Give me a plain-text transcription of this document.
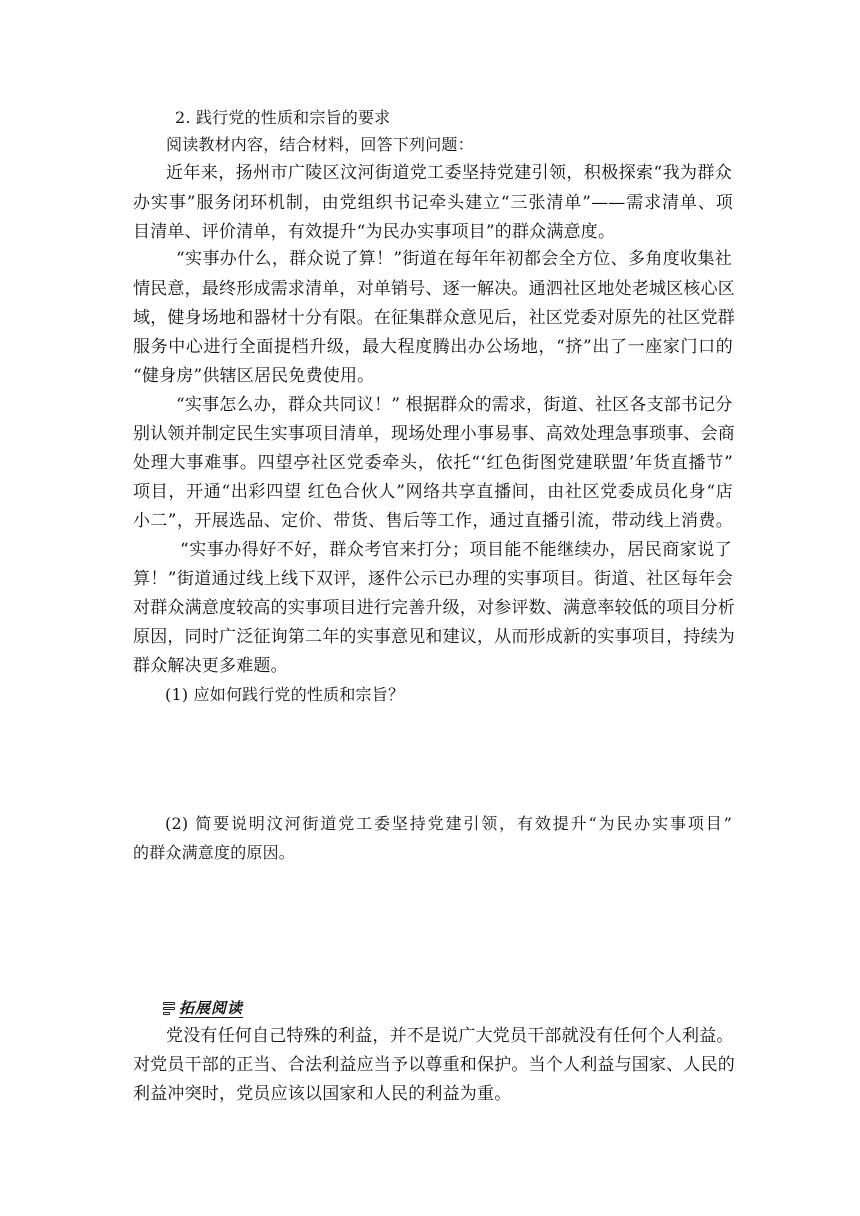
2. 践行党的性质和宗旨的要求
阅读教材内容，结合材料，回答下列问题：
近年来，扬州市广陵区汶河街道党工委坚持党建引领，积极探索“我为群众
办实事”服务闭环机制，由党组织书记牵头建立“三张清单”——需求清单、项
目清单、评价清单，有效提升“为民办实事项目”的群众满意度。
“实事办什么，群众说了算！”街道在每年年初都会全方位、多角度收集社
情民意，最终形成需求清单，对单销号、逐一解决。通泗社区地处老城区核心区
域，健身场地和器材十分有限。在征集群众意见后，社区党委对原先的社区党群
服务中心进行全面提档升级，最大程度腾出办公场地，“挤”出了一座家门口的
“健身房”供辖区居民免费使用。
“实事怎么办，群众共同议！” 根据群众的需求，街道、社区各支部书记分
别认领并制定民生实事项目清单，现场处理小事易事、高效处理急事琐事、会商
处理大事难事。四望亭社区党委牵头，依托“‘红色街图党建联盟’年货直播节”
项目，开通“出彩四望 红色合伙人”网络共享直播间，由社区党委成员化身“店
小二”，开展选品、定价、带货、售后等工作，通过直播引流，带动线上消费。
“实事办得好不好，群众考官来打分；项目能不能继续办，居民商家说了
算！”街道通过线上线下双评，逐件公示已办理的实事项目。街道、社区每年会
对群众满意度较高的实事项目进行完善升级，对参评数、满意率较低的项目分析
原因，同时广泛征询第二年的实事意见和建议，从而形成新的实事项目，持续为
群众解决更多难题。
(1) 应如何践行党的性质和宗旨？
(2) 简要说明汶河街道党工委坚持党建引领，有效提升“为民办实事项目”
的群众满意度的原因。
拓展阅读
党没有任何自己特殊的利益，并不是说广大党员干部就没有任何个人利益。
对党员干部的正当、合法利益应当予以尊重和保护。当个人利益与国家、人民的
利益冲突时，党员应该以国家和人民的利益为重。
